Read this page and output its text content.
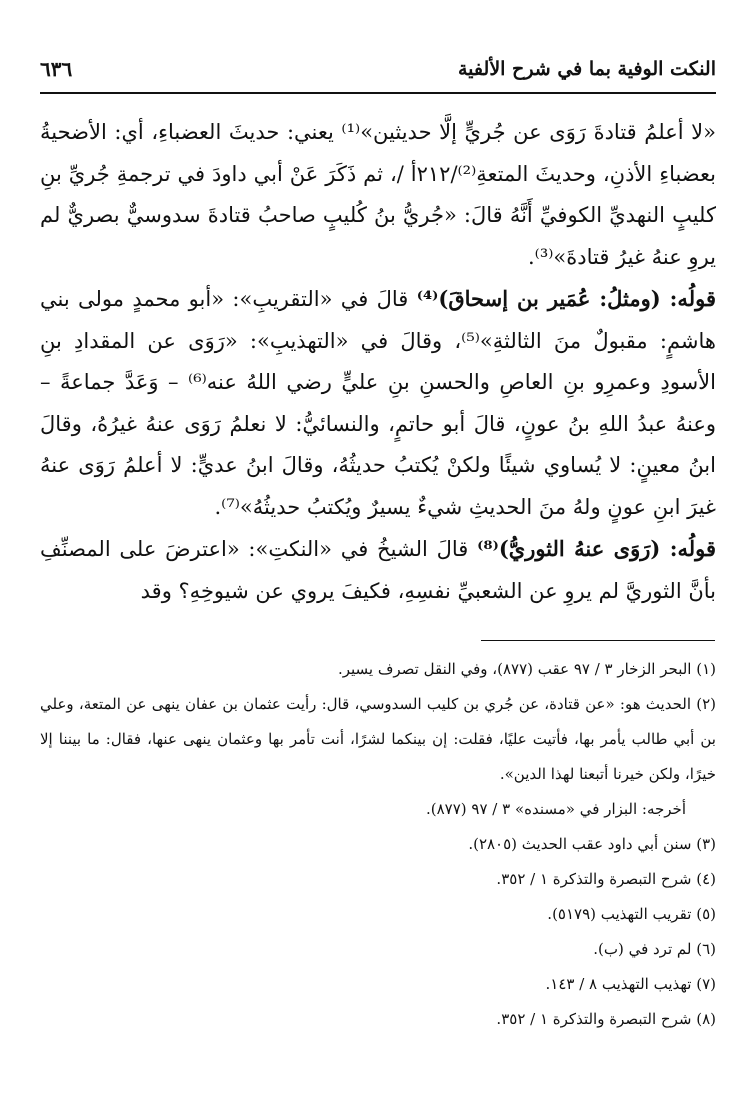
النكت الوفية بما في شرح الألفية
٦٣٦

«لا أعلمُ قتادةَ رَوَى عن جُريٍّ إلَّا حديثين»⁽¹⁾ يعني: حديثَ العضباءِ، أي: الأضحيةُ بعضباءِ الأذنِ، وحديثَ المتعةِ⁽²⁾/٢١٢أ /، ثم ذَكَرَ عَنْ أبي داودَ في ترجمةِ جُريِّ بنِ كليبٍ النهديِّ الكوفيِّ أَنَّهُ قالَ: «جُريُّ بنُ كُليبٍ صاحبُ قتادةَ سدوسيٌّ بصريٌّ لم يروِ عنهُ غيرُ قتادةَ»⁽³⁾.

قولُه: (ومثلُ: عُمَير بن إسحاقَ)⁽⁴⁾ قالَ في «التقريبِ»: «أبو محمدٍ مولى بني هاشمٍ: مقبولٌ منَ الثالثةِ»⁽⁵⁾، وقالَ في «التهذيبِ»: «رَوَى عن المقدادِ بنِ الأسودِ وعمرِو بنِ العاصِ والحسنِ بنِ عليٍّ رضي اللهُ عنه⁽⁶⁾ – وَعَدَّ جماعةً – وعنهُ عبدُ اللهِ بنُ عونٍ، قالَ أبو حاتمٍ، والنسائيُّ: لا نعلمُ رَوَى عنهُ غيرُهُ، وقالَ ابنُ معينٍ: لا يُساوي شيئًا ولكنْ يُكتبُ حديثُهُ، وقالَ ابنُ عديٍّ: لا أعلمُ رَوَى عنهُ غيرَ ابنِ عونٍ ولهُ منَ الحديثِ شيءٌ يسيرٌ ويُكتبُ حديثُهُ»⁽⁷⁾.

قولُه: (رَوَى عنهُ الثوريُّ)⁽⁸⁾ قالَ الشيخُ في «النكتِ»: «اعترضَ على المصنِّفِ بأنَّ الثوريَّ لم يروِ عن الشعبيِّ نفسِهِ، فكيفَ يروي عن شيوخِهِ؟ وقد

(١) البحر الزخار ٣ / ٩٧ عقب (٨٧٧)، وفي النقل تصرف يسير.

(٢) الحديث هو: «عن قتادة، عن جُري بن كليب السدوسي، قال: رأيت عثمان بن عفان ينهى عن المتعة، وعلي بن أبي طالب يأمر بها، فأتيت عليًا، فقلت: إن بينكما لشرًا، أنت تأمر بها وعثمان ينهى عنها، فقال: ما بيننا إلا خيرًا، ولكن خيرنا أتبعنا لهذا الدين».

أخرجه: البزار في «مسنده» ٣ / ٩٧ (٨٧٧).

(٣) سنن أبي داود عقب الحديث (٢٨٠٥).

(٤) شرح التبصرة والتذكرة ١ / ٣٥٢.

(٥) تقريب التهذيب (٥١٧٩).

(٦) لم ترد في (ب).

(٧) تهذيب التهذيب ٨ / ١٤٣.

(٨) شرح التبصرة والتذكرة ١ / ٣٥٢.
